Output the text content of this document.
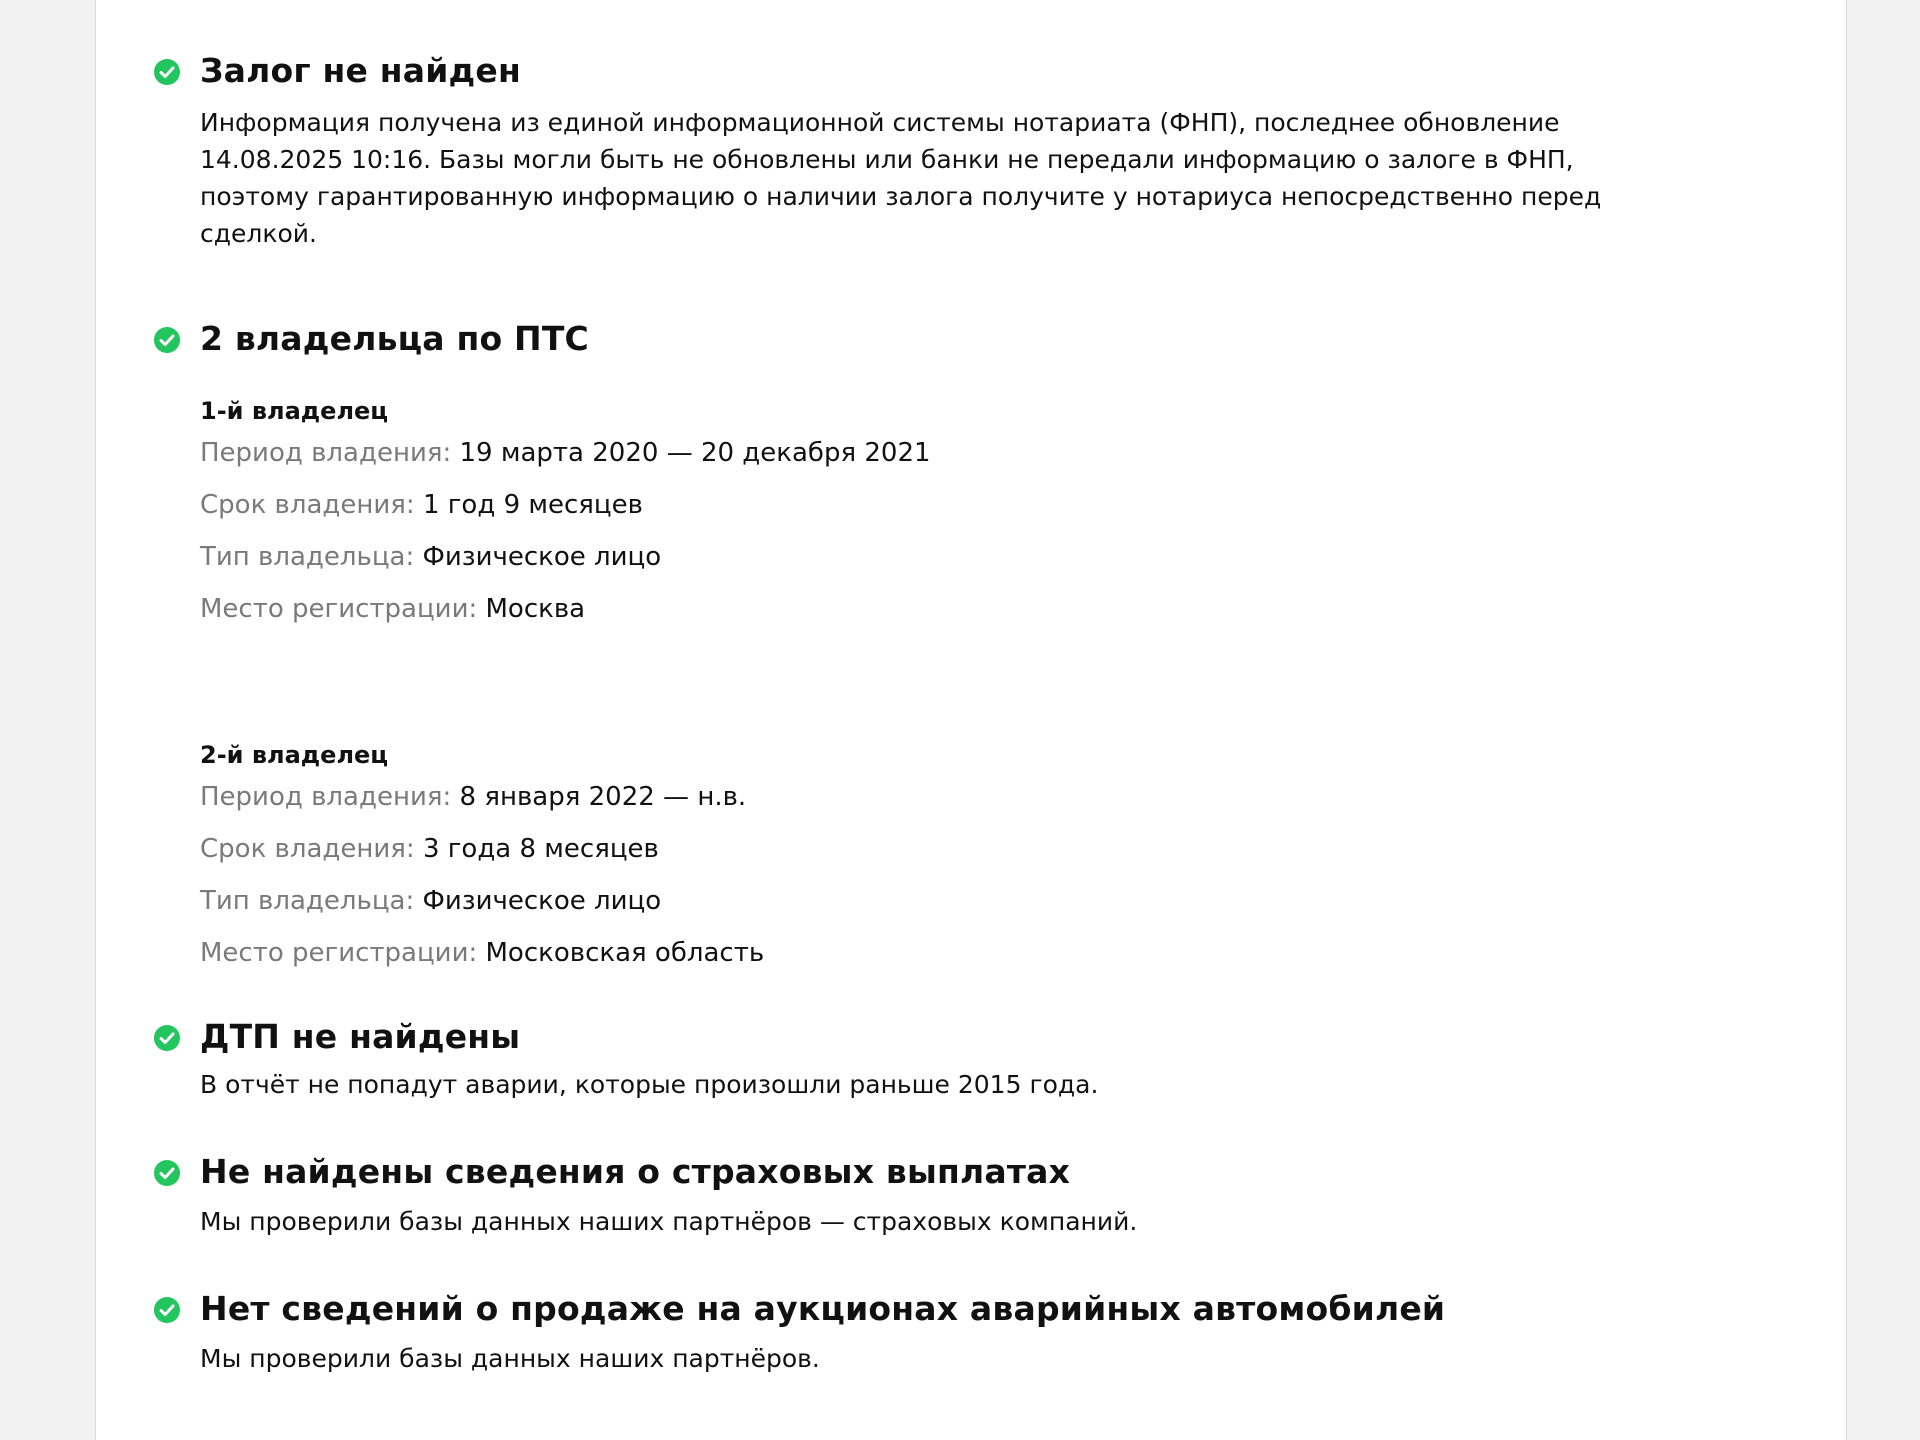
Залог не найден

Информация получена из единой информационной системы нотариата (ФНП), последнее обновление 14.08.2025 10:16. Базы могли быть не обновлены или банки не передали информацию о залоге в ФНП, поэтому гарантированную информацию о наличии залога получите у нотариуса непосредственно перед сделкой.

2 владельца по ПТС

1-й владелец

Период владения: 19 марта 2020 — 20 декабря 2021

Срок владения: 1 год 9 месяцев

Тип владельца: Физическое лицо

Место регистрации: Москва

2-й владелец

Период владения: 8 января 2022 — н.в.

Срок владения: 3 года 8 месяцев

Тип владельца: Физическое лицо

Место регистрации: Московская область

ДТП не найдены

В отчёт не попадут аварии, которые произошли раньше 2015 года.

Не найдены сведения о страховых выплатах

Мы проверили базы данных наших партнёров — страховых компаний.

Нет сведений о продаже на аукционах аварийных автомобилей

Мы проверили базы данных наших партнёров.
